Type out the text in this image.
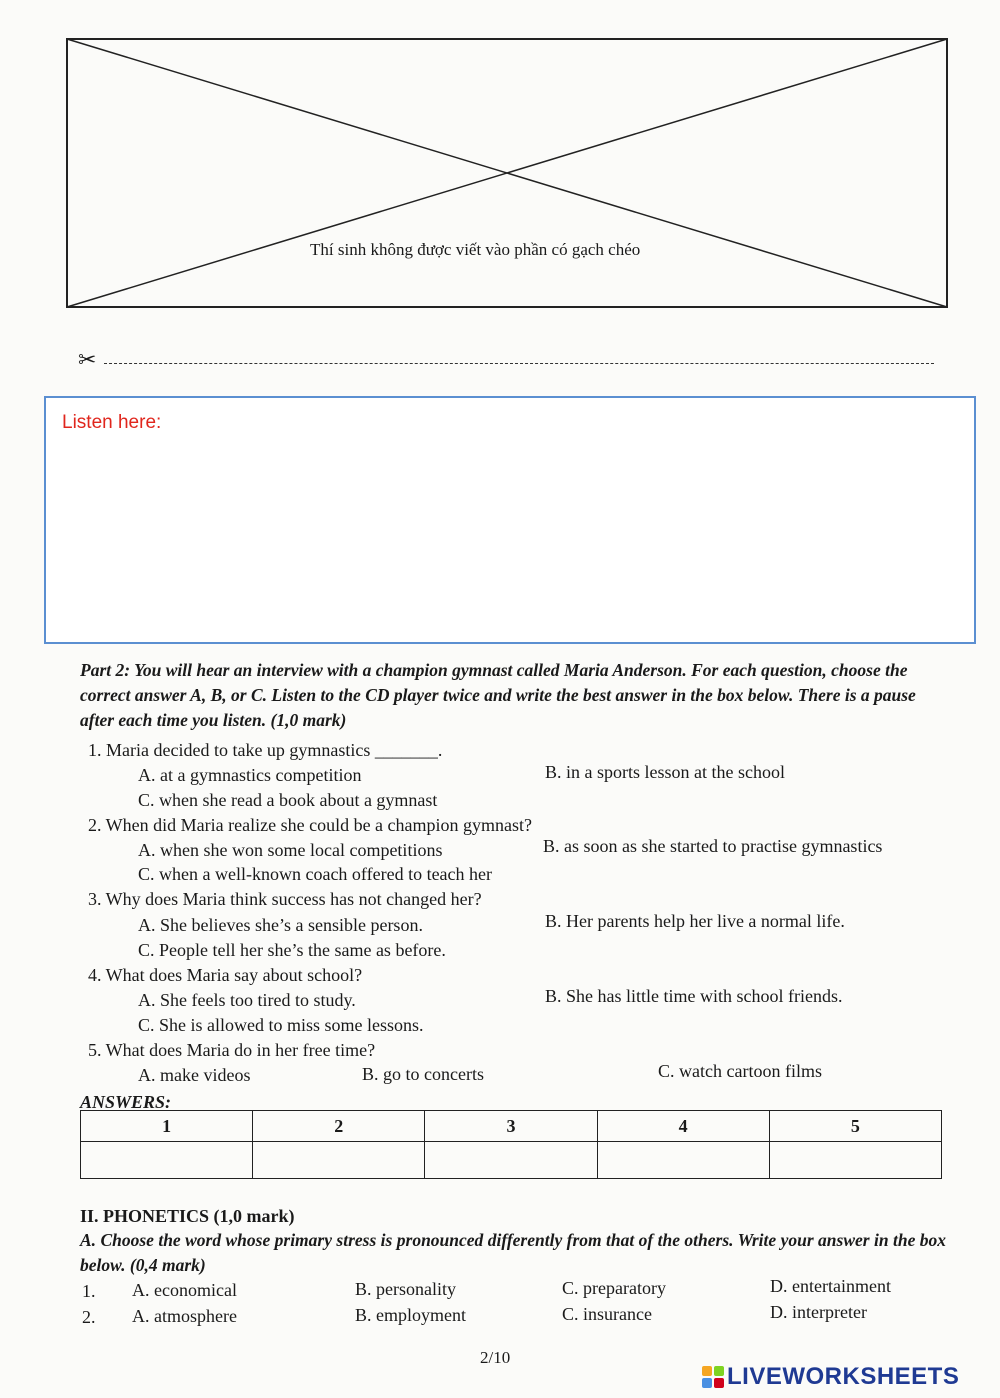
Thí sinh không được viết vào phần có gạch chéo
✂
Listen here:
Part 2: You will hear an interview with a champion gymnast called Maria Anderson. For each question, choose the correct answer A, B, or C. Listen to the CD player twice and write the best answer in the box below. There is a pause after each time you listen. (1,0 mark)
1. Maria decided to take up gymnastics _______.
A. at a gymnastics competition	B. in a sports lesson at the school
C. when she read a book about a gymnast
2. When did Maria realize she could be a champion gymnast?
A. when she won some local competitions	B. as soon as she started to practise gymnastics
C. when a well-known coach offered to teach her
3. Why does Maria think success has not changed her?
A. She believes she’s a sensible person.	B. Her parents help her live a normal life.
C. People tell her she’s the same as before.
4. What does Maria say about school?
A. She feels too tired to study.	B. She has little time with school friends.
C. She is allowed to miss some lessons.
5. What does Maria do in her free time?
A. make videos	B. go to concerts	C. watch cartoon films
ANSWERS:
1	2	3	4	5

II. PHONETICS (1,0 mark)
A. Choose the word whose primary stress is pronounced differently from that of the others. Write your answer in the box below. (0,4 mark)
1. A. economical	B. personality	C. preparatory	D. entertainment
2. A. atmosphere	B. employment	C. insurance	D. interpreter
2/10
LIVEWORKSHEETS
